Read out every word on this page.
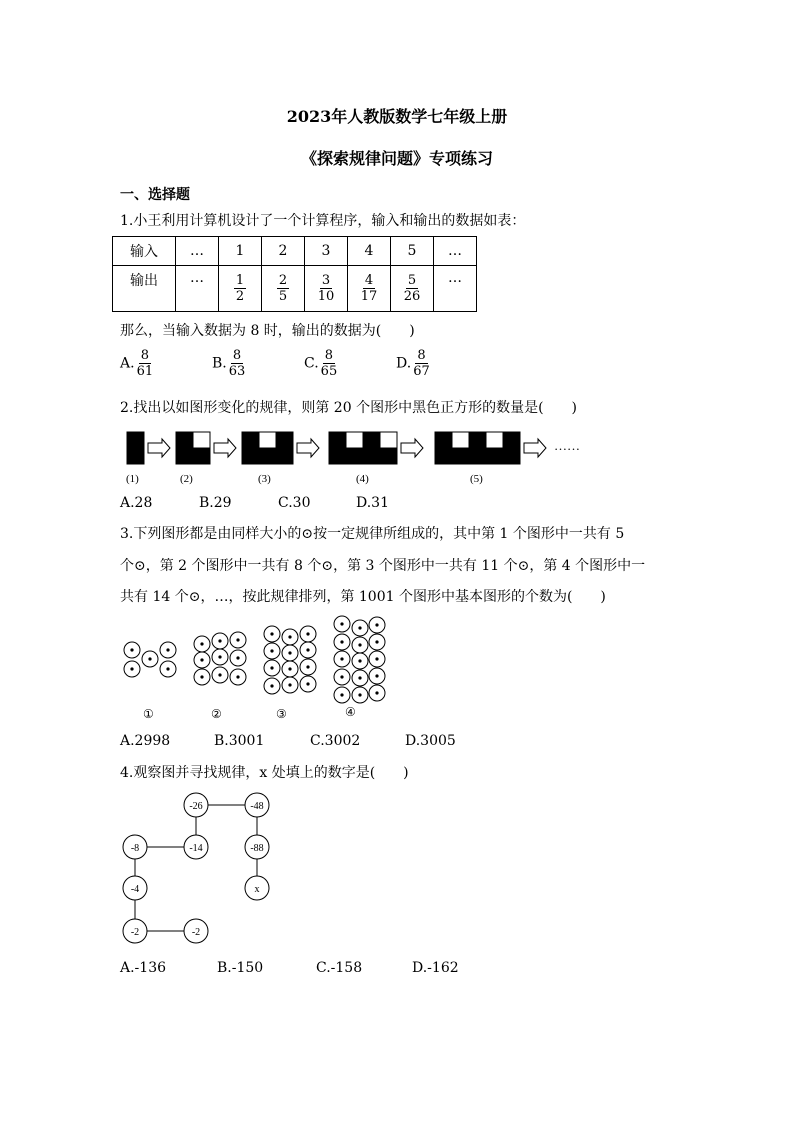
2023年人教版数学七年级上册
《探索规律问题》专项练习
一、选择题
1.小王利用计算机设计了一个计算程序，输入和输出的数据如表：
输入	…	1	2	3	4	5	…
输出	…	$\frac{1}{2}$	$\frac{2}{5}$	$\frac{3}{10}$	$\frac{4}{17}$	$\frac{5}{26}$	…
那么，当输入数据为 8 时，输出的数据为(　　)
A. $\frac{8}{61}$	B. $\frac{8}{63}$	C. $\frac{8}{65}$	D. $\frac{8}{67}$
2.找出以如图形变化的规律，则第 20 个图形中黑色正方形的数量是(　　)
……
(1)	(2)	(3)	(4)	(5)
A.28	B.29	C.30	D.31
3.下列图形都是由同样大小的⊙按一定规律所组成的，其中第 1 个图形中一共有 5
个⊙，第 2 个图形中一共有 8 个⊙，第 3 个图形中一共有 11 个⊙，第 4 个图形中一
共有 14 个⊙，…，按此规律排列，第 1001 个图形中基本图形的个数为(　　)
①	②	③	④
A.2998	B.3001	C.3002	D.3005
4.观察图并寻找规律，x 处填上的数字是(　　)
-26	-48
-8	-14	-88
-4	x
-2	-2
A.-136	B.-150	C.-158	D.-162
